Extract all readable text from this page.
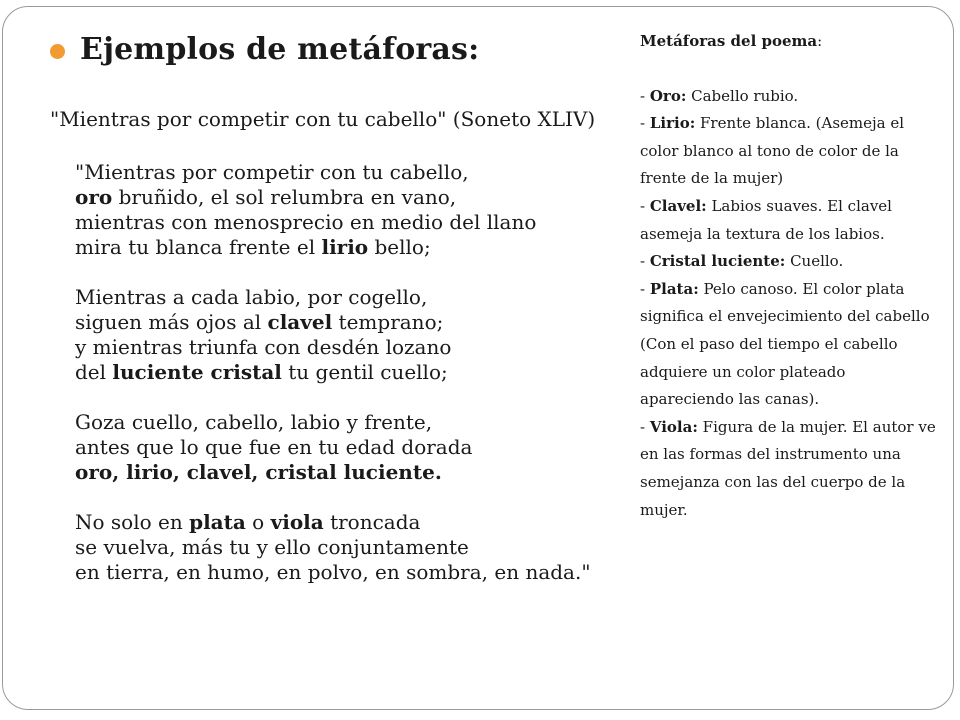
Ejemplos de metáforas:
"Mientras por competir con tu cabello" (Soneto XLIV)
"Mientras por competir con tu cabello,
oro bruñido, el sol relumbra en vano,
mientras con menosprecio en medio del llano
mira tu blanca frente el lirio bello;
Mientras a cada labio, por cogello,
siguen más ojos al clavel temprano;
y mientras triunfa con desdén lozano
del luciente cristal tu gentil cuello;
Goza cuello, cabello, labio y frente,
antes que lo que fue en tu edad dorada
oro, lirio, clavel, cristal luciente.
No solo en plata o viola troncada
se vuelva, más tu y ello conjuntamente
en tierra, en humo, en polvo, en sombra, en nada."
Metáforas del poema:
- Oro: Cabello rubio.
- Lirio: Frente blanca. (Asemeja el color blanco al tono de color de la frente de la mujer)
- Clavel: Labios suaves. El clavel asemeja la textura de los labios.
- Cristal luciente: Cuello.
- Plata: Pelo canoso. El color plata significa el envejecimiento del cabello (Con el paso del tiempo el cabello adquiere un color plateado apareciendo las canas).
- Viola: Figura de la mujer. El autor ve en las formas del instrumento una semejanza con las del cuerpo de la mujer.
